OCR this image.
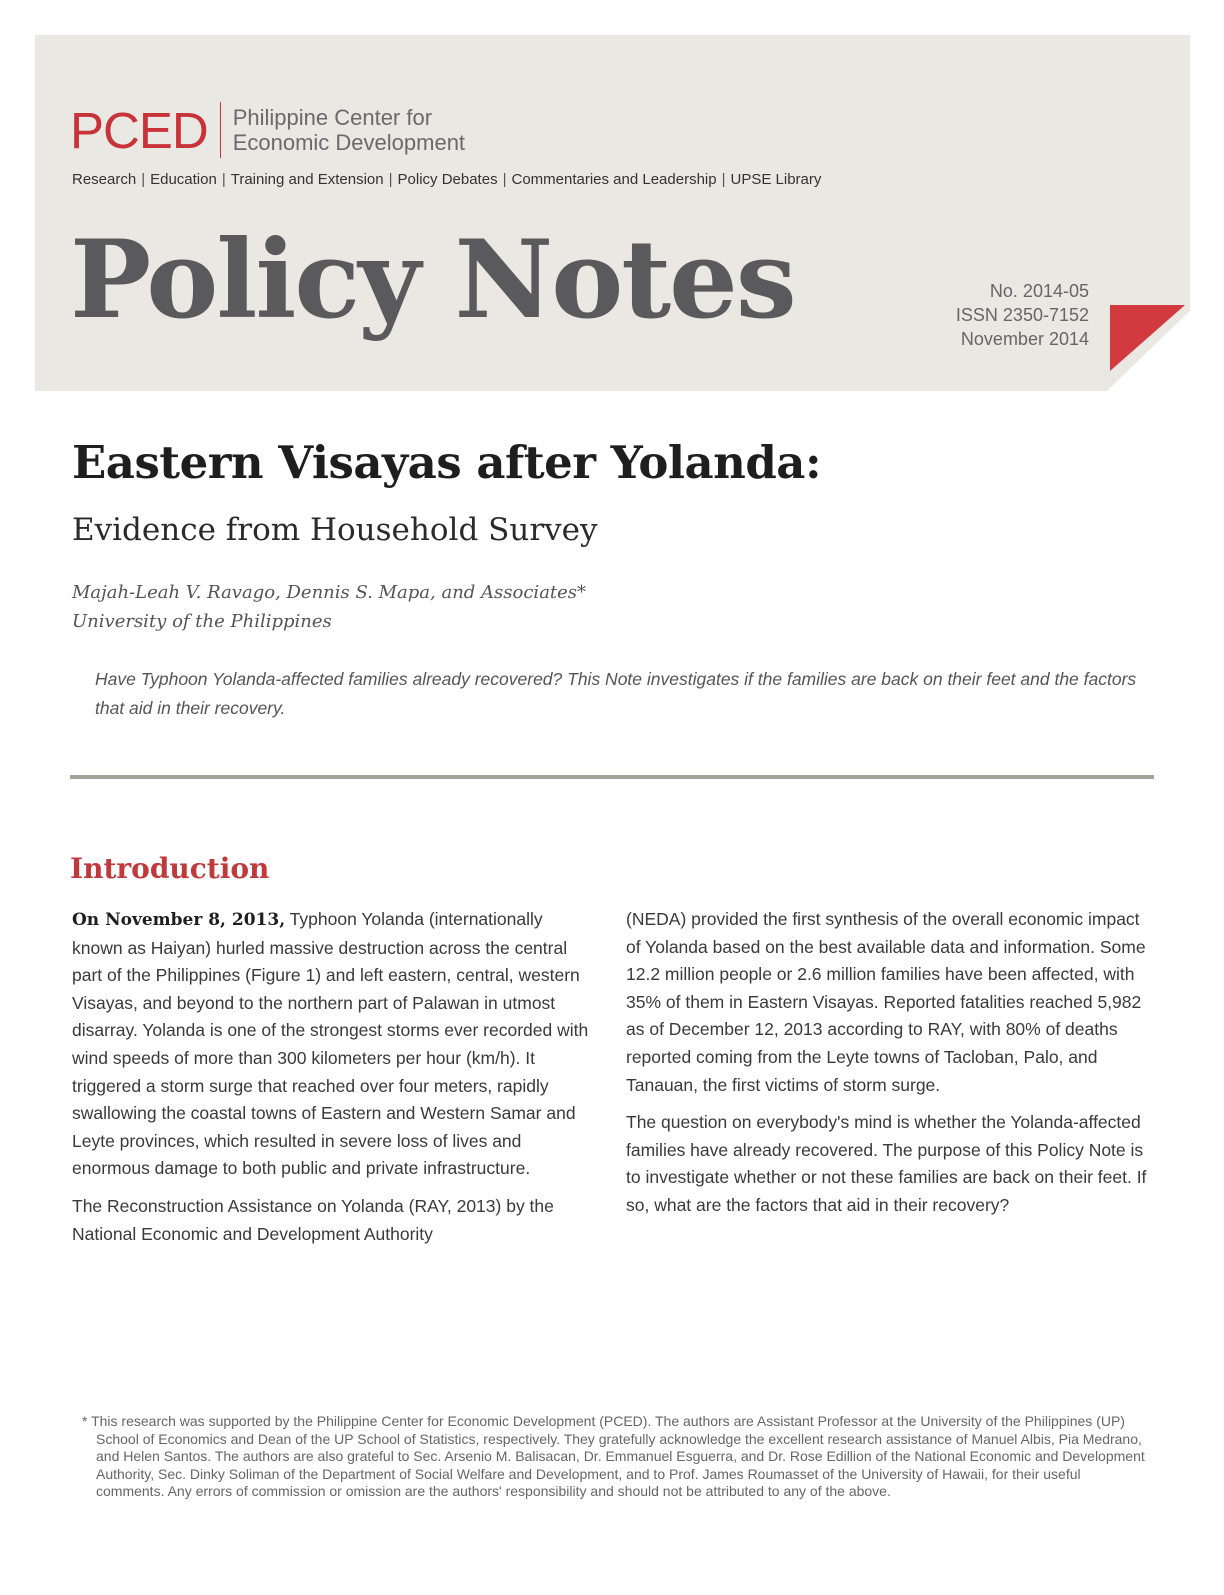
PCED	Philippine Center for
Economic Development
Research | Education | Training and Extension | Policy Debates | Commentaries and Leadership | UPSE Library
Policy Notes	No. 2014-05
ISSN 2350-7152
November 2014
Eastern Visayas after Yolanda:
Evidence from Household Survey
Majah-Leah V. Ravago, Dennis S. Mapa, and Associates*
University of the Philippines
Have Typhoon Yolanda-affected families already recovered? This Note investigates if the families are back on their feet and the factors that aid in their recovery.
Introduction

On November 8, 2013, Typhoon Yolanda (internationally known as Haiyan) hurled massive destruction across the central part of the Philippines (Figure 1) and left eastern, central, western Visayas, and beyond to the northern part of Palawan in utmost disarray. Yolanda is one of the strongest storms ever recorded with wind speeds of more than 300 kilometers per hour (km/h). It triggered a storm surge that reached over four meters, rapidly swallowing the coastal towns of Eastern and Western Samar and Leyte provinces, which resulted in severe loss of lives and enormous damage to both public and private infrastructure.

The Reconstruction Assistance on Yolanda (RAY, 2013) by the National Economic and Development Authority

(NEDA) provided the first synthesis of the overall economic impact of Yolanda based on the best available data and information. Some 12.2 million people or 2.6 million families have been affected, with 35% of them in Eastern Visayas. Reported fatalities reached 5,982 as of December 12, 2013 according to RAY, with 80% of deaths reported coming from the Leyte towns of Tacloban, Palo, and Tanauan, the first victims of storm surge.

The question on everybody's mind is whether the Yolanda-affected families have already recovered. The purpose of this Policy Note is to investigate whether or not these families are back on their feet. If so, what are the factors that aid in their recovery?

* This research was supported by the Philippine Center for Economic Development (PCED). The authors are Assistant Professor at the University of the Philippines (UP) School of Economics and Dean of the UP School of Statistics, respectively. They gratefully acknowledge the excellent research assistance of Manuel Albis, Pia Medrano, and Helen Santos. The authors are also grateful to Sec. Arsenio M. Balisacan, Dr. Emmanuel Esguerra, and Dr. Rose Edillion of the National Economic and Development Authority, Sec. Dinky Soliman of the Department of Social Welfare and Development, and to Prof. James Roumasset of the University of Hawaii, for their useful comments. Any errors of commission or omission are the authors' responsibility and should not be attributed to any of the above.
